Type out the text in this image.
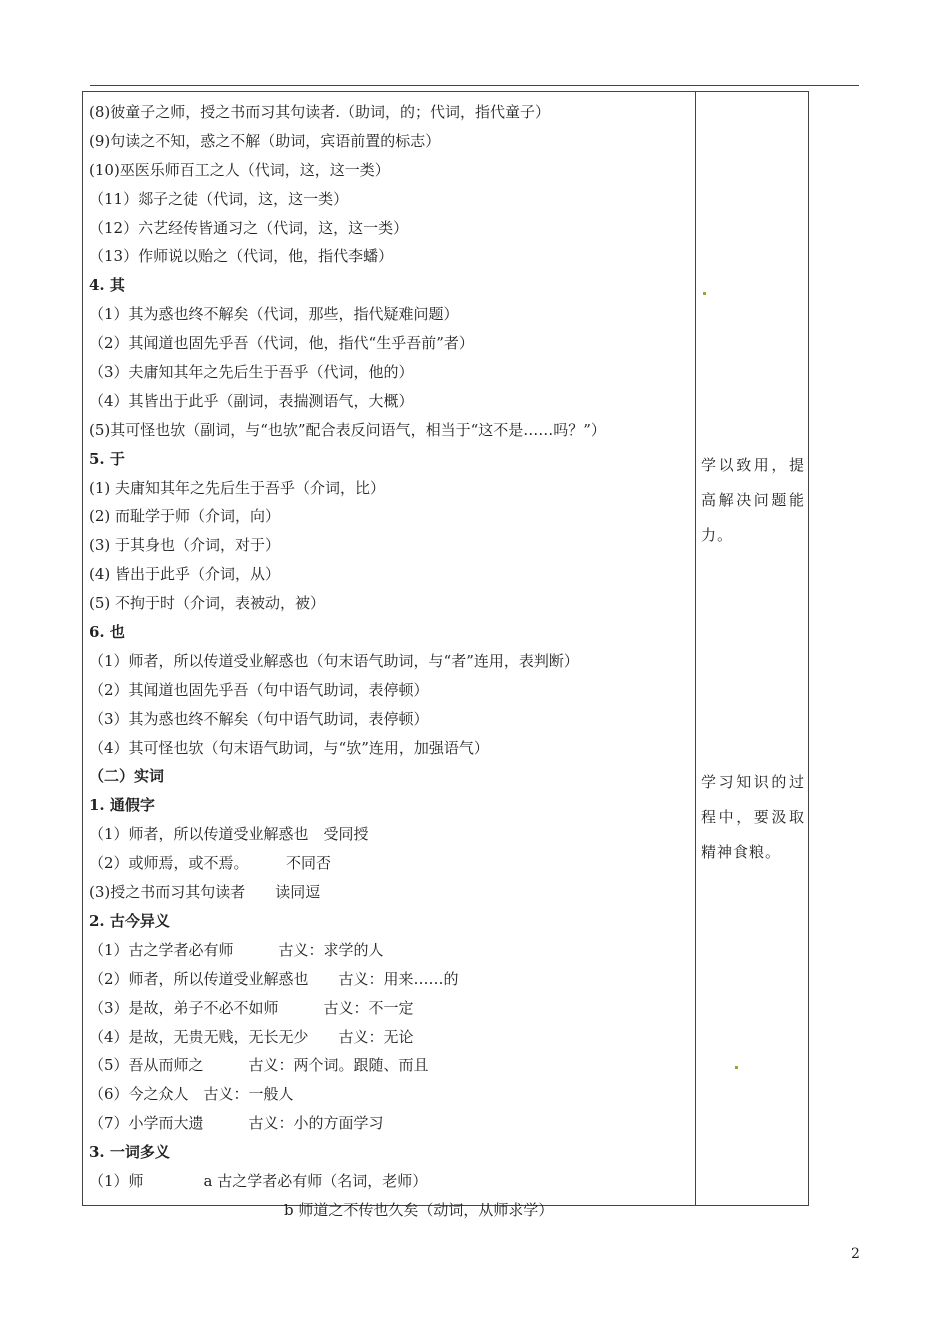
(8)彼童子之师，授之书而习其句读者.（助词，的；代词，指代童子）
(9)句读之不知，惑之不解（助词，宾语前置的标志）
(10)巫医乐师百工之人（代词，这，这一类）
（11）郯子之徒（代词，这，这一类）
（12）六艺经传皆通习之（代词，这，这一类）
（13）作师说以贻之（代词，他，指代李蟠）
4. 其
（1）其为惑也终不解矣（代词，那些，指代疑难问题）
（2）其闻道也固先乎吾（代词，他，指代“生乎吾前”者）
（3）夫庸知其年之先后生于吾乎（代词，他的）
（4）其皆出于此乎（副词，表揣测语气，大概）
(5)其可怪也欤（副词，与“也欤”配合表反问语气，相当于“这不是……吗？”）
5. 于
(1) 夫庸知其年之先后生于吾乎（介词，比）
(2) 而耻学于师（介词，向）
(3) 于其身也（介词，对于）
(4) 皆出于此乎（介词，从）
(5) 不拘于时（介词，表被动，被）
6. 也
（1）师者，所以传道受业解惑也（句末语气助词，与“者”连用，表判断）
（2）其闻道也固先乎吾（句中语气助词，表停顿）
（3）其为惑也终不解矣（句中语气助词，表停顿）
（4）其可怪也欤（句末语气助词，与“欤”连用，加强语气）
（二）实词
1. 通假字
（1）师者，所以传道受业解惑也　受同授
（2）或师焉，或不焉。　　　不同否
(3)授之书而习其句读者　　读同逗
2. 古今异义
（1）古之学者必有师　　　古义：求学的人
（2）师者，所以传道受业解惑也　　古义：用来……的
（3）是故，弟子不必不如师　　　古义：不一定
（4）是故，无贵无贱，无长无少　　古义：无论
（5）吾从而师之　　　古义：两个词。跟随、而且
（6）今之众人　古义：一般人
（7）小学而大遗　　　古义：小的方面学习
3. 一词多义
（1）师　　　　a 古之学者必有师（名词，老师）
　　　　　　　　　　　　　b 师道之不传也久矣（动词，从师求学）
学以致用，提高解决问题能力。
学习知识的过程中，要汲取精神食粮。
2
